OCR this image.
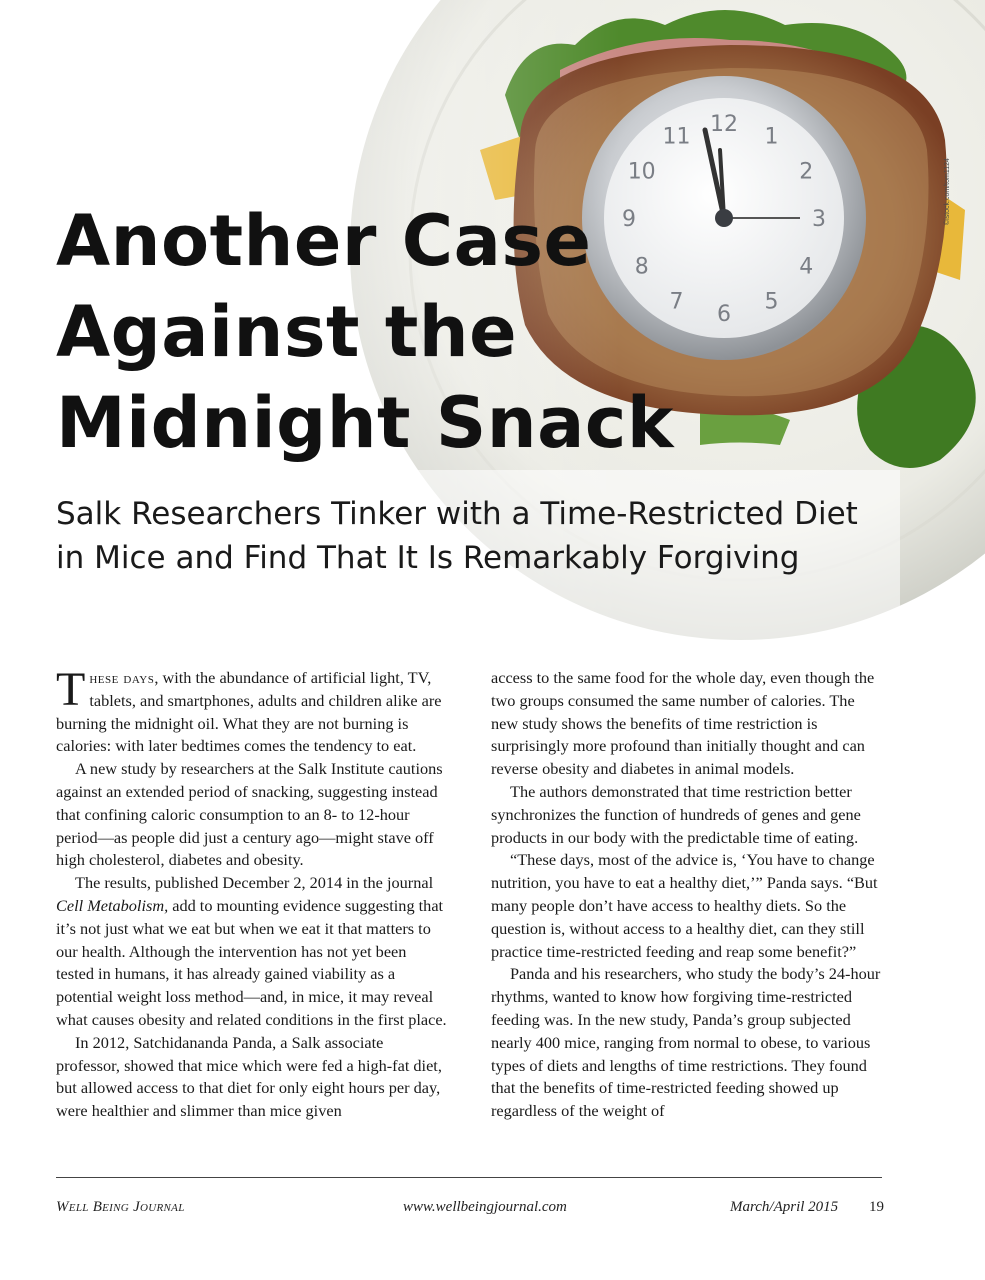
12
1
2
3
4
5
6
7
8
9
10
11
©istock.com/tom1124
Another Case
Against the
Midnight Snack
Salk Researchers Tinker with a Time-Restricted Diet
in Mice and Find That It Is Remarkably Forgiving

These days, with the abundance of artificial light, TV, tablets, and smartphones, adults and children alike are burning the midnight oil. What they are not burning is calories: with later bedtimes comes the tendency to eat.

A new study by researchers at the Salk Institute cautions against an extended period of snacking, suggesting instead that confining caloric consumption to an 8- to 12-hour period—as people did just a century ago—might stave off high cholesterol, diabetes and obesity.

The results, published December 2, 2014 in the journal Cell Metabolism, add to mounting evidence suggesting that it’s not just what we eat but when we eat it that matters to our health. Although the intervention has not yet been tested in humans, it has already gained viability as a potential weight loss method—and, in mice, it may reveal what causes obesity and related conditions in the first place.

In 2012, Satchidananda Panda, a Salk associate professor, showed that mice which were fed a high-fat diet, but allowed access to that diet for only eight hours per day, were healthier and slimmer than mice given

access to the same food for the whole day, even though the two groups consumed the same number of calories. The new study shows the benefits of time restriction is surprisingly more profound than initially thought and can reverse obesity and diabetes in animal models.

The authors demonstrated that time restriction better synchronizes the function of hundreds of genes and gene products in our body with the predictable time of eating.

“These days, most of the advice is, ‘You have to change nutrition, you have to eat a healthy diet,’” Panda says. “But many people don’t have access to healthy diets. So the question is, without access to a healthy diet, can they still practice time-restricted feeding and reap some benefit?”

Panda and his researchers, who study the body’s 24-hour rhythms, wanted to know how forgiving time-restricted feeding was. In the new study, Panda’s group subjected nearly 400 mice, ranging from normal to obese, to various types of diets and lengths of time restrictions. They found that the benefits of time-restricted feeding showed up regardless of the weight of

Well Being Journal	www.wellbeingjournal.com	March/April 2015 19
